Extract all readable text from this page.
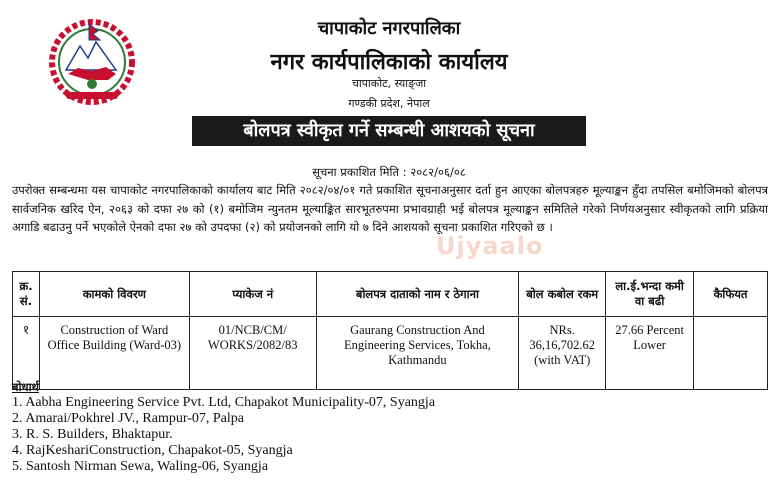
चापाकोट नगरपालिका
नगर कार्यपालिकाको कार्यालय
चापाकोट, स्याङ्जा
गण्डकी प्रदेश, नेपाल
बोलपत्र स्वीकृत गर्ने सम्बन्धी आशयको सूचना
सूचना प्रकाशित मिति : २०८२/०६/०८
उपरोक्त सम्बन्धमा यस चापाकोट नगरपालिकाको कार्यालय बाट मिति २०८२/०४/०१ गते प्रकाशित सूचनाअनुसार दर्ता हुन आएका बोलपत्रहरु मूल्याङ्कन हुँदा तपसिल बमोजिमको बोलपत्र सार्वजनिक खरिद ऐन, २०६३ को दफा २७ को (१) बमोजिम न्युनतम मूल्याङ्कित सारभूतरुपमा प्रभावग्राही भई बोलपत्र मूल्याङ्कन समितिले गरेको निर्णयअनुसार स्वीकृतको लागि प्रक्रिया अगाडि बढाउनु पर्ने भएकोले ऐनको दफा २७ को उपदफा (२) को प्रयोजनको लागि यो ७ दिने आशयको सूचना प्रकाशित गरिएको छ ।
Ujyaalo
क्र. सं.	कामको विवरण	प्याकेज नं	बोलपत्र दाताको नाम र ठेगाना	बोल कबोल रकम	ला.ई.भन्दा कमी वा बढी	कैफियत
१	Construction of Ward Office Building (Ward-03)	01/NCB/CM/ WORKS/2082/83	Gaurang Construction And Engineering Services, Tokha, Kathmandu	NRs. 36,16,702.62 (with VAT)	27.66 Percent Lower	
बोधार्थ
1. Aabha Engineering Service Pvt. Ltd, Chapakot Municipality-07, Syangja
2. Amarai/Pokhrel JV., Rampur-07, Palpa
3. R. S. Builders, Bhaktapur.
4. RajKeshariConstruction, Chapakot-05, Syangja
5. Santosh Nirman Sewa, Waling-06, Syangja
